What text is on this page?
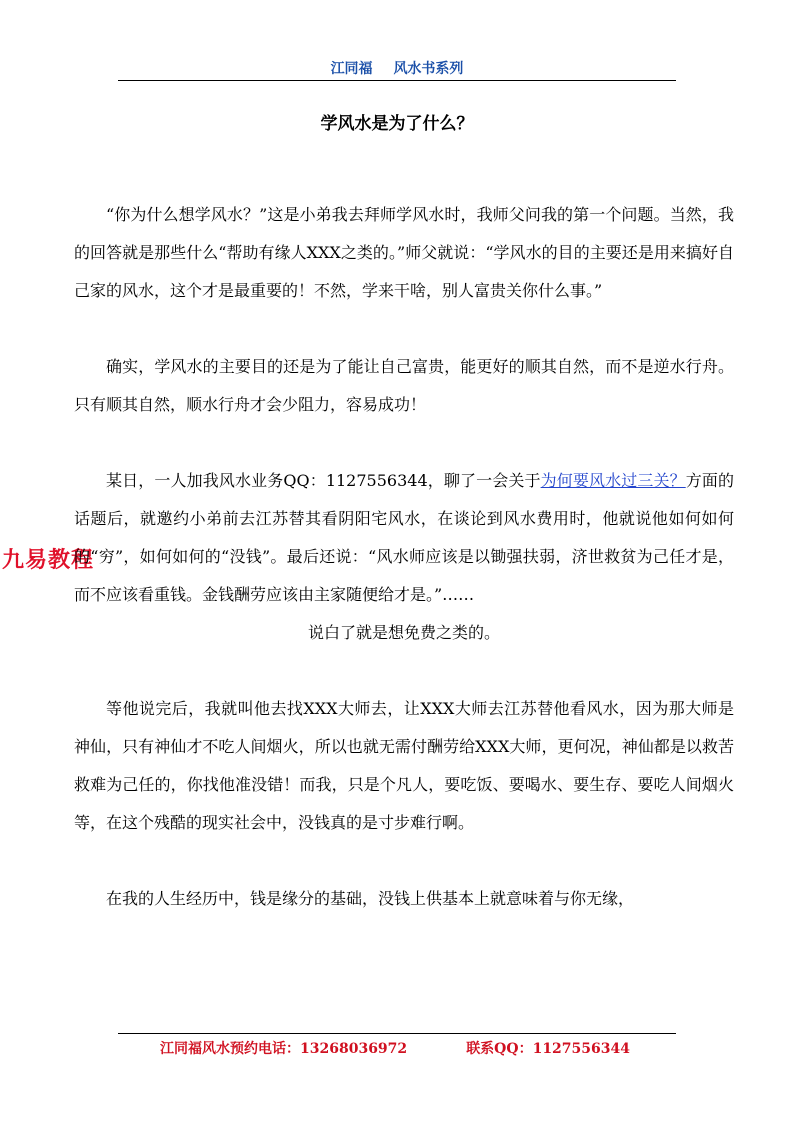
江同福 风水书系列
学风水是为了什么？
九易教程

“你为什么想学风水？”这是小弟我去拜师学风水时，我师父问我的第一个问题。当然，我的回答就是那些什么“帮助有缘人XXX之类的。”师父就说：“学风水的目的主要还是用来搞好自己家的风水，这个才是最重要的！不然，学来干啥，别人富贵关你什么事。”

确实，学风水的主要目的还是为了能让自己富贵，能更好的顺其自然，而不是逆水行舟。只有顺其自然，顺水行舟才会少阻力，容易成功！

某日，一人加我风水业务QQ：1127556344，聊了一会关于为何要风水过三关？方面的话题后，就邀约小弟前去江苏替其看阴阳宅风水，在谈论到风水费用时，他就说他如何如何的“穷”，如何如何的“没钱”。最后还说：“风水师应该是以锄强扶弱，济世救贫为己任才是，而不应该看重钱。金钱酬劳应该由主家随便给才是。”……

说白了就是想免费之类的。

等他说完后，我就叫他去找XXX大师去，让XXX大师去江苏替他看风水，因为那大师是神仙，只有神仙才不吃人间烟火，所以也就无需付酬劳给XXX大师，更何况，神仙都是以救苦救难为己任的，你找他准没错！而我，只是个凡人，要吃饭、要喝水、要生存、要吃人间烟火等，在这个残酷的现实社会中，没钱真的是寸步难行啊。

在我的人生经历中，钱是缘分的基础，没钱上供基本上就意味着与你无缘，

江同福风水预约电话：13268036972	联系QQ：1127556344
